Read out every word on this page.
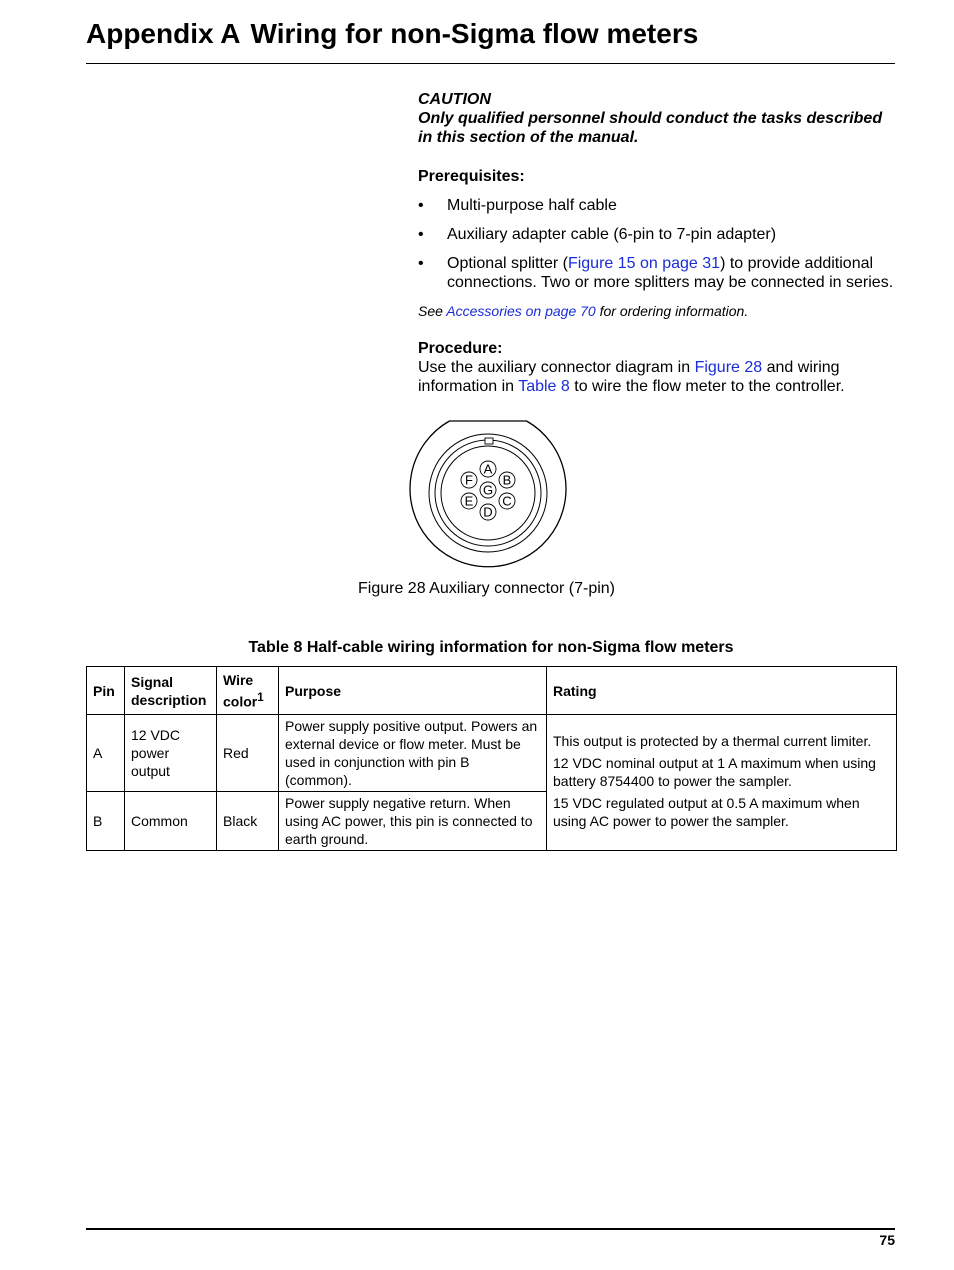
Appendix A Wiring for non-Sigma flow meters
CAUTION
Only qualified personnel should conduct the tasks described in this section of the manual.
Prerequisites:
• Multi-purpose half cable
• Auxiliary adapter cable (6-pin to 7-pin adapter)
• Optional splitter (Figure 15 on page 31) to provide additional connections. Two or more splitters may be connected in series.
See Accessories on page 70 for ordering information.
Procedure:
Use the auxiliary connector diagram in Figure 28 and wiring information in Table 8 to wire the flow meter to the controller.
A
B
C
D
E
F
G
Figure 28 Auxiliary connector (7-pin)
Table 8 Half-cable wiring information for non-Sigma flow meters
Pin	Signal description	Wire color$^1$	Purpose	Rating
A	12 VDC power output	Red	Power supply positive output. Powers an external device or flow meter. Must be used in conjunction with pin B (common).	This output is protected by a thermal current limiter.

12 VDC nominal output at 1 A maximum when using battery 8754400 to power the sampler.

15 VDC regulated output at 0.5 A maximum when using AC power to power the sampler.

B	Common	Black	Power supply negative return. When using AC power, this pin is connected to earth ground.	
75
